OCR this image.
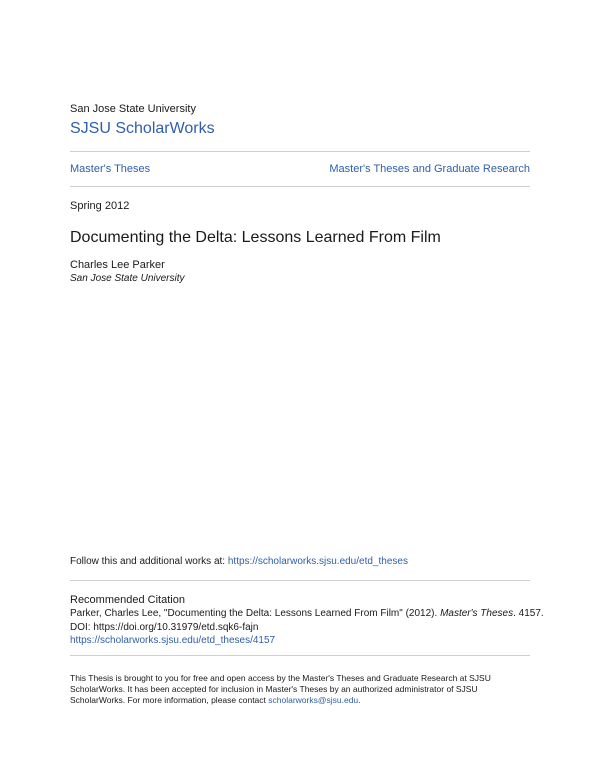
San Jose State University
SJSU ScholarWorks
Master's Theses	Master's Theses and Graduate Research
Spring 2012
Documenting the Delta: Lessons Learned From Film
Charles Lee Parker
San Jose State University
Follow this and additional works at: https://scholarworks.sjsu.edu/etd_theses
Recommended Citation
Parker, Charles Lee, "Documenting the Delta: Lessons Learned From Film" (2012). Master's Theses. 4157.
DOI: https://doi.org/10.31979/etd.sqk6-fajn
https://scholarworks.sjsu.edu/etd_theses/4157
This Thesis is brought to you for free and open access by the Master's Theses and Graduate Research at SJSU
ScholarWorks. It has been accepted for inclusion in Master's Theses by an authorized administrator of SJSU
ScholarWorks. For more information, please contact scholarworks@sjsu.edu.
